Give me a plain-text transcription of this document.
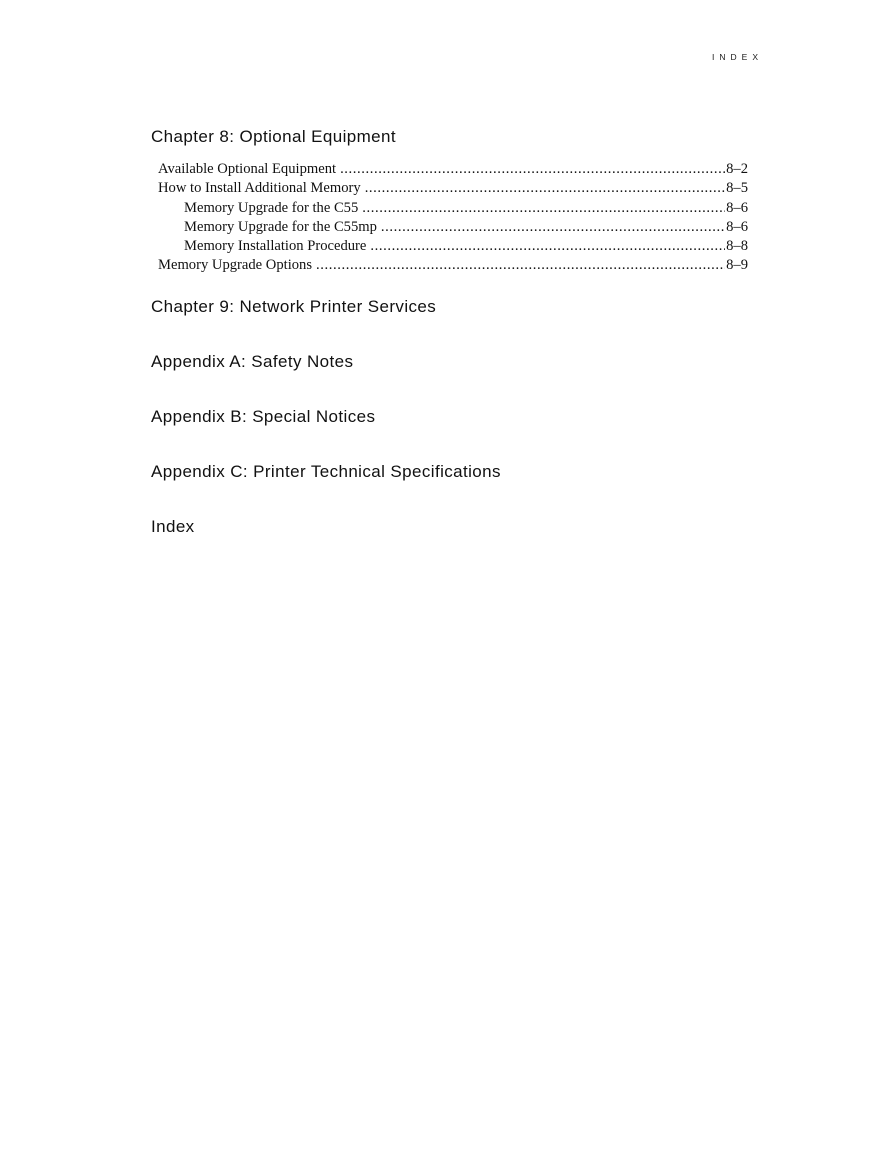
INDEX
Chapter 8: Optional Equipment
Available Optional Equipment .....	8–2
How to Install Additional Memory .....	8–5
Memory Upgrade for the C55 .....	8–6
Memory Upgrade for the C55mp .....	8–6
Memory Installation Procedure .....	8–8
Memory Upgrade Options .....	8–9
Chapter 9: Network Printer Services
Appendix A: Safety Notes
Appendix B: Special Notices
Appendix C: Printer Technical Specifications
Index
